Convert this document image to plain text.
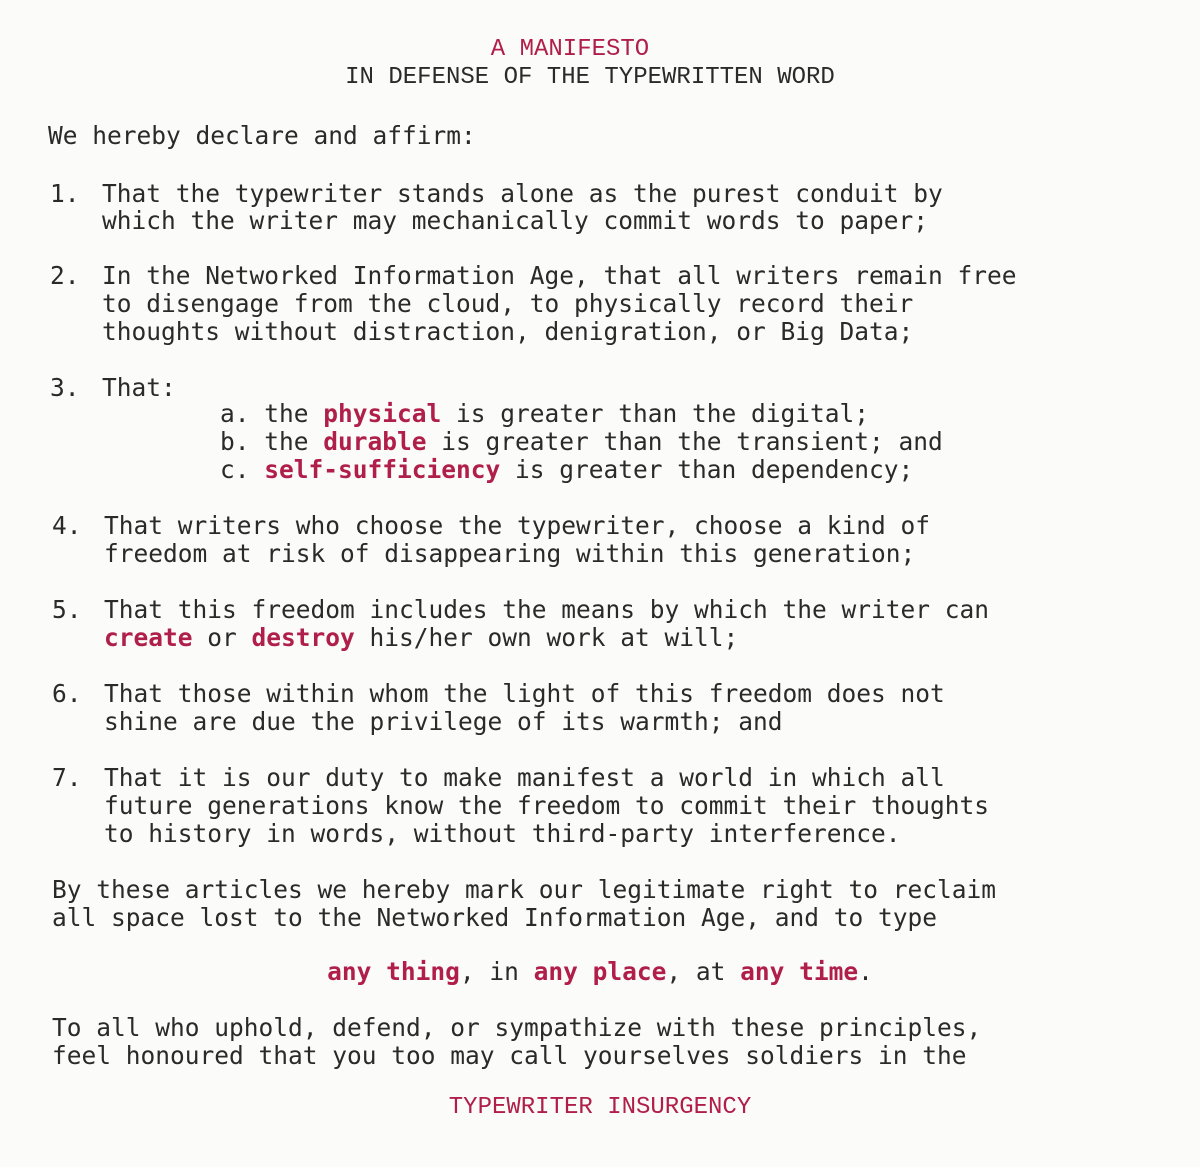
A MANIFESTO
IN DEFENSE OF THE TYPEWRITTEN WORD
We hereby declare and affirm:
1. That the typewriter stands alone as the purest conduit by
which the writer may mechanically commit words to paper;
2. In the Networked Information Age, that all writers remain free
to disengage from the cloud, to physically record their
thoughts without distraction, denigration, or Big Data;
3. That:
a. the physical is greater than the digital;
b. the durable is greater than the transient; and
c. self-sufficiency is greater than dependency;
4. That writers who choose the typewriter, choose a kind of
freedom at risk of disappearing within this generation;
5. That this freedom includes the means by which the writer can
create or destroy his/her own work at will;
6. That those within whom the light of this freedom does not
shine are due the privilege of its warmth; and
7. That it is our duty to make manifest a world in which all
future generations know the freedom to commit their thoughts
to history in words, without third-party interference.
By these articles we hereby mark our legitimate right to reclaim
all space lost to the Networked Information Age, and to type
any thing, in any place, at any time.
To all who uphold, defend, or sympathize with these principles,
feel honoured that you too may call yourselves soldiers in the
TYPEWRITER INSURGENCY
